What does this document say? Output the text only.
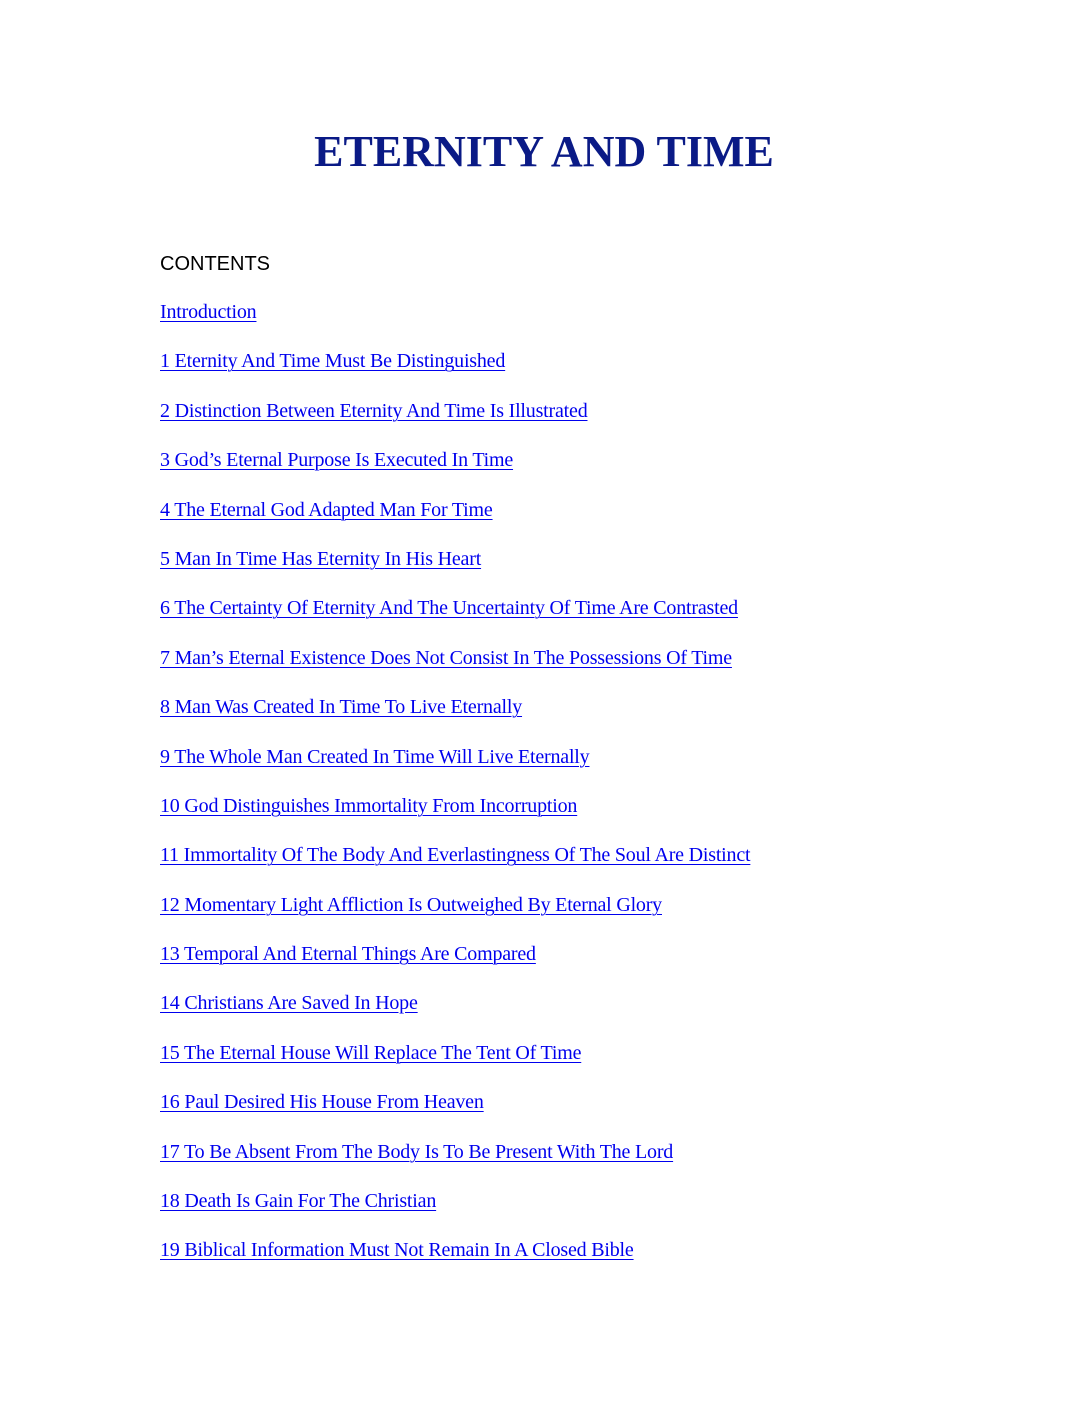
ETERNITY AND TIME

CONTENTS

Introduction
1 Eternity And Time Must Be Distinguished
2 Distinction Between Eternity And Time Is Illustrated
3 God’s Eternal Purpose Is Executed In Time
4 The Eternal God Adapted Man For Time
5 Man In Time Has Eternity In His Heart
6 The Certainty Of Eternity And The Uncertainty Of Time Are Contrasted
7 Man’s Eternal Existence Does Not Consist In The Possessions Of Time
8 Man Was Created In Time To Live Eternally
9 The Whole Man Created In Time Will Live Eternally
10 God Distinguishes Immortality From Incorruption
11 Immortality Of The Body And Everlastingness Of The Soul Are Distinct
12 Momentary Light Affliction Is Outweighed By Eternal Glory
13 Temporal And Eternal Things Are Compared
14 Christians Are Saved In Hope
15 The Eternal House Will Replace The Tent Of Time
16 Paul Desired His House From Heaven
17 To Be Absent From The Body Is To Be Present With The Lord
18 Death Is Gain For The Christian
19 Biblical Information Must Not Remain In A Closed Bible
